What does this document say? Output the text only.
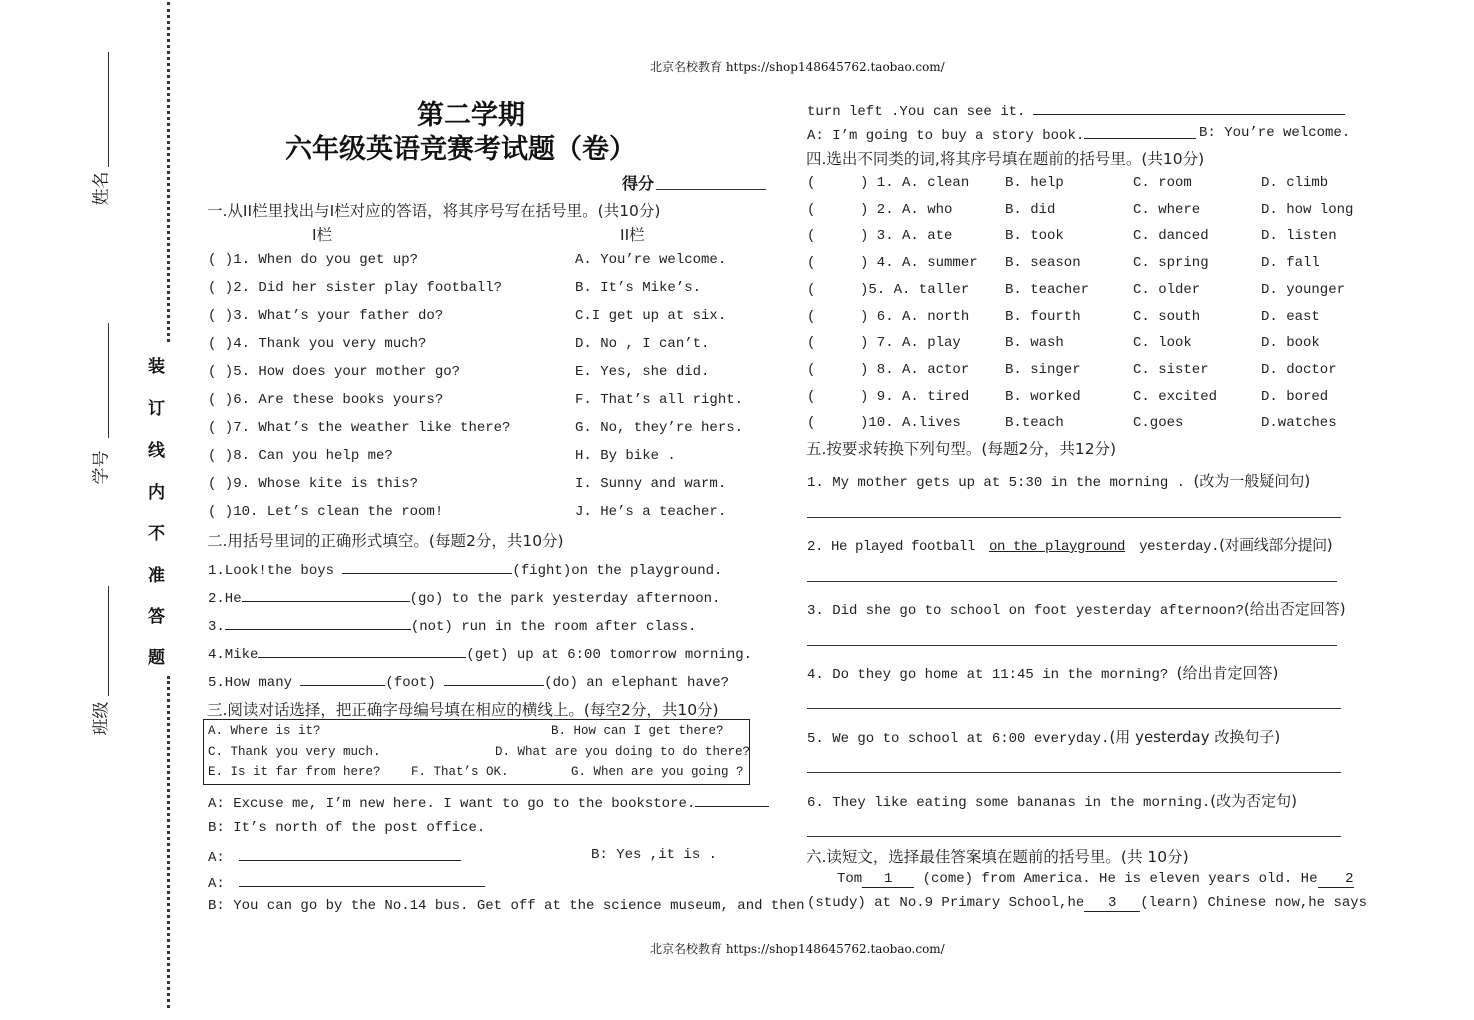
北京名校教育 https://shop148645762.taobao.com/
北京名校教育 https://shop148645762.taobao.com/
姓名
学号
班级
装
订
线
内
不
准
答
题
第二学期
六年级英语竞赛考试题（卷）
得分
一.从II栏里找出与I栏对应的答语，将其序号写在括号里。(共10分)
I栏	II栏
( )1. When do you get up?	A. You’re welcome.
( )2. Did her sister play football?	B. It’s Mike’s.
( )3. What’s your father do?	C.I get up at six.
( )4. Thank you very much?	D. No , I can’t.
( )5. How does your mother go?	E. Yes, she did.
( )6. Are these books yours?	F. That’s all right.
( )7. What’s the weather like there?	G. No, they’re hers.
( )8. Can you help me?	H. By bike .
( )9. Whose kite is this?	I. Sunny and warm.
( )10. Let’s clean the room!	J. He’s a teacher.
二.用括号里词的正确形式填空。(每题2分，共10分)
1.Look!the boys	(fight)on the playground.
2.He	(go) to the park yesterday afternoon.
3.	(not) run in the room after class.
4.Mike	(get) up at 6:00 tomorrow morning.
5.How many	(foot)	(do) an elephant have?
三.阅读对话选择，把正确字母编号填在相应的横线上。(每空2分，共10分)
A. Where is it?	B. How can I get there?
C. Thank you very much.	D. What are you doing to do there?
E. Is it far from here? F. That’s OK.	G. When are you going ?
A: Excuse me, I’m new here. I want to go to the bookstore.
B: It’s north of the post office.
A:	B: Yes ,it is .
A:
B: You can go by the No.14 bus. Get off at the science museum, and then
turn left .You can see it.
A: I’m going to buy a story book.	B: You’re welcome.
四.选出不同类的词,将其序号填在题前的括号里。(共10分)
(	) 1. A. clean	B. help	C. room	D. climb
(	) 2. A. who	B. did	C. where	D. how long
(	) 3. A. ate	B. took	C. danced	D. listen
(	) 4. A. summer B. season	C. spring	D. fall
(	)5. A. taller	B. teacher	C. older	D. younger
(	) 6. A. north	B. fourth	C. south	D. east
(	) 7. A. play	B. wash	C. look	D. book
(	) 8. A. actor	B. singer	C. sister	D. doctor
(	) 9. A. tired	B. worked	C. excited	D. bored
(	)10. A.lives	B.teach	C.goes	D.watches
五.按要求转换下列句型。(每题2分，共12分)
1. My mother gets up at 5:30 in the morning . (改为一般疑问句)
2. He played football on the playground yesterday.(对画线部分提问)
3. Did she go to school on foot yesterday afternoon?(给出否定回答)
4. Do they go home at 11:45 in the morning? (给出肯定回答)
5. We go to school at 6:00 everyday.(用 yesterday 改换句子)
6. They like eating some bananas in the morning.(改为否定句)
六.读短文，选择最佳答案填在题前的括号里。(共 10分)
Tom 1 (come) from America. He is eleven years old. He 2
(study) at No.9 Primary School,he 3 (learn) Chinese now,he says
